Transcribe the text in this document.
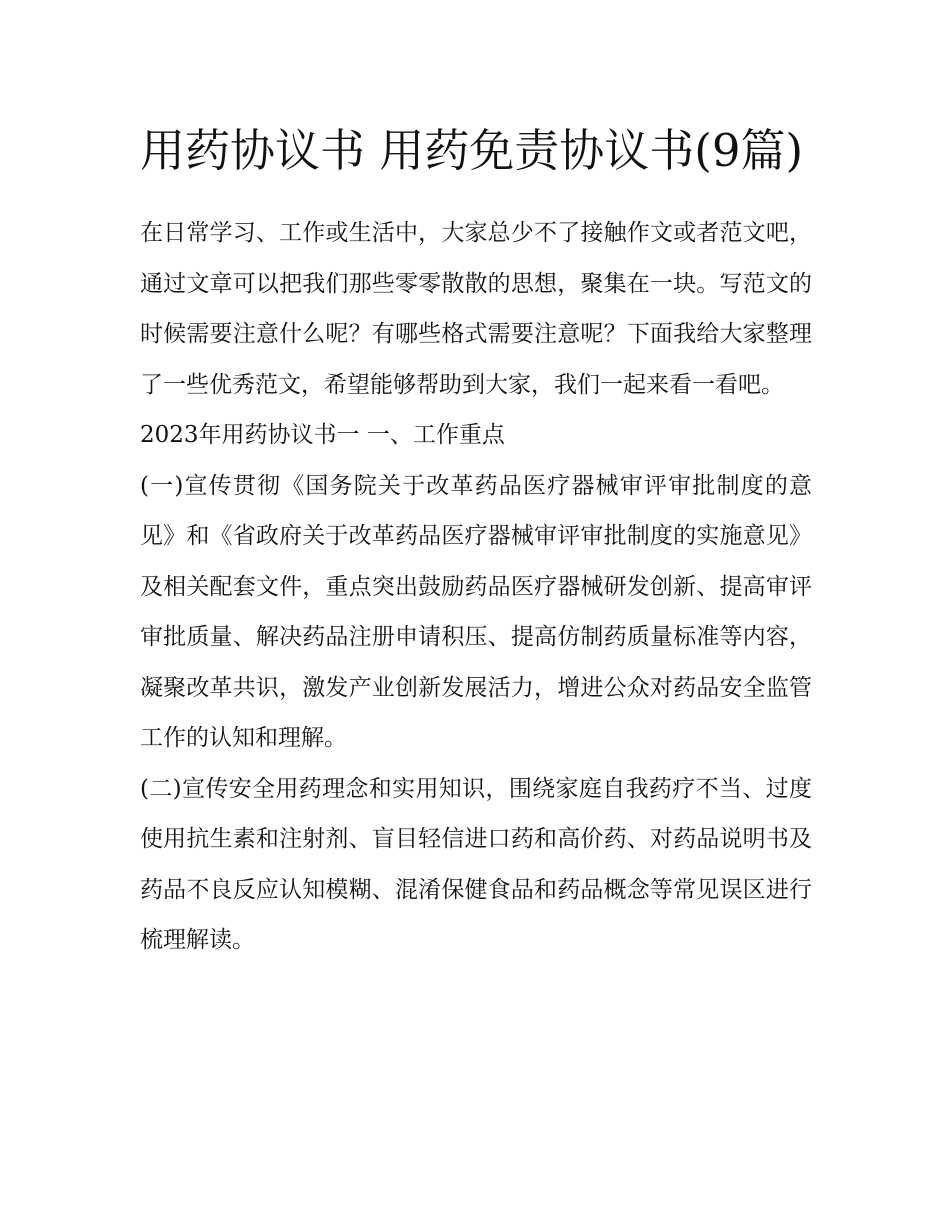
用药协议书 用药免责协议书(9篇)

在日常学习、工作或生活中，大家总少不了接触作文或者范文吧，通过文章可以把我们那些零零散散的思想，聚集在一块。写范文的时候需要注意什么呢？有哪些格式需要注意呢？下面我给大家整理了一些优秀范文，希望能够帮助到大家，我们一起来看一看吧。

2023年用药协议书一 一、工作重点

(一)宣传贯彻《国务院关于改革药品医疗器械审评审批制度的意见》和《省政府关于改革药品医疗器械审评审批制度的实施意见》及相关配套文件，重点突出鼓励药品医疗器械研发创新、提高审评审批质量、解决药品注册申请积压、提高仿制药质量标准等内容，凝聚改革共识，激发产业创新发展活力，增进公众对药品安全监管工作的认知和理解。

(二)宣传安全用药理念和实用知识，围绕家庭自我药疗不当、过度使用抗生素和注射剂、盲目轻信进口药和高价药、对药品说明书及药品不良反应认知模糊、混淆保健食品和药品概念等常见误区进行梳理解读。
